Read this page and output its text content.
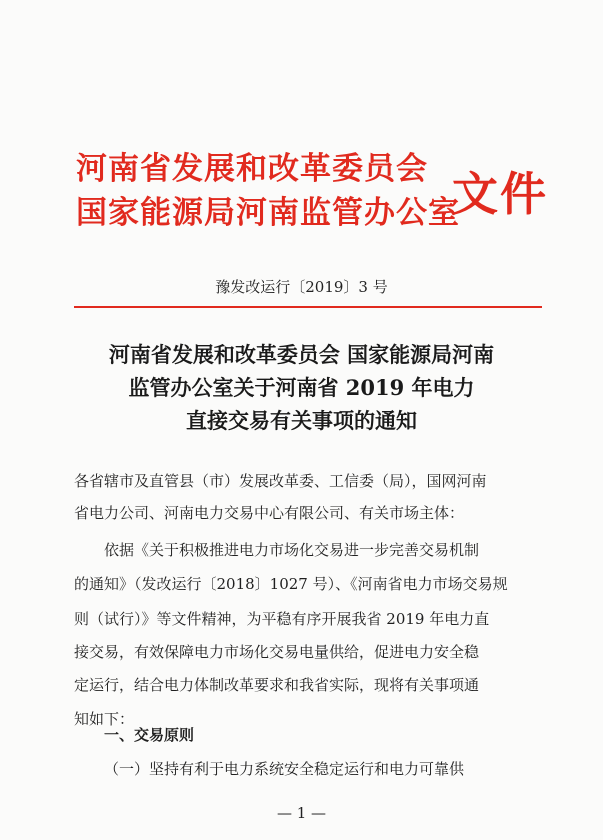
河南省发展和改革委员会
国家能源局河南监管办公室
文件
豫发改运行〔2019〕3 号
河南省发展和改革委员会 国家能源局河南
监管办公室关于河南省 2019 年电力
直接交易有关事项的通知
各省辖市及直管县（市）发展改革委、工信委（局），国网河南
省电力公司、河南电力交易中心有限公司、有关市场主体：
依据《关于积极推进电力市场化交易进一步完善交易机制
的通知》（发改运行〔2018〕1027 号）、《河南省电力市场交易规
则（试行）》等文件精神，为平稳有序开展我省 2019 年电力直
接交易，有效保障电力市场化交易电量供给，促进电力安全稳
定运行，结合电力体制改革要求和我省实际，现将有关事项通
知如下：
一、交易原则
（一）坚持有利于电力系统安全稳定运行和电力可靠供
— 1 —
